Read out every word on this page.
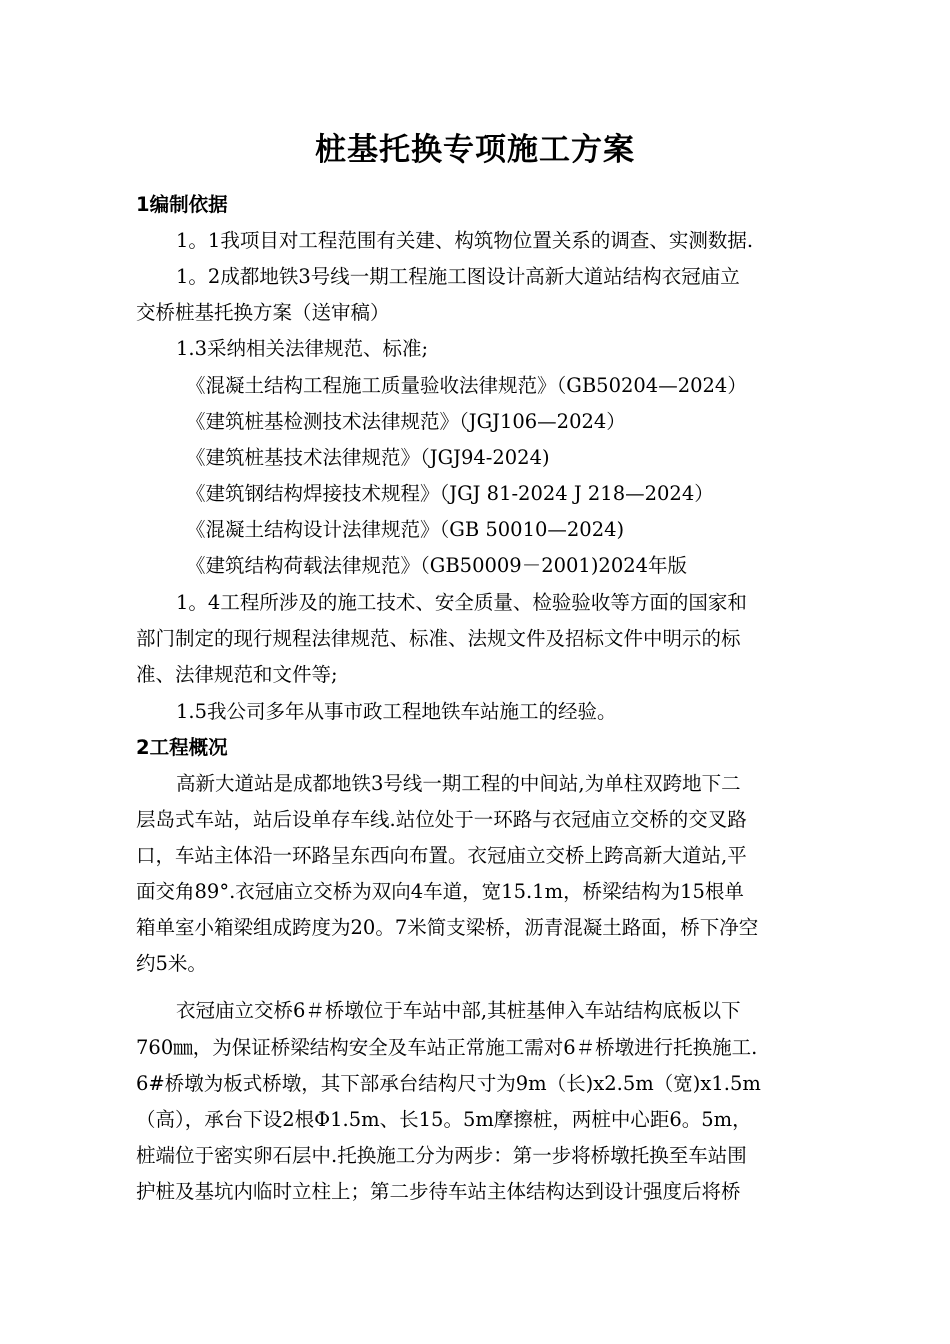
桩基托换专项施工方案
1编制依据
1。1我项目对工程范围有关建、构筑物位置关系的调查、实测数据.
1。2成都地铁3号线一期工程施工图设计高新大道站结构衣冠庙立
交桥桩基托换方案（送审稿）
1.3采纳相关法律规范、标准;
《混凝土结构工程施工质量验收法律规范》（GB50204—2024）
《建筑桩基检测技术法律规范》（JGJ106—2024）
《建筑桩基技术法律规范》（JGJ94-2024)
《建筑钢结构焊接技术规程》（JGJ 81-2024 J 218—2024）
《混凝土结构设计法律规范》（GB 50010—2024)
《建筑结构荷载法律规范》（GB50009－2001)2024年版
1。4工程所涉及的施工技术、安全质量、检验验收等方面的国家和
部门制定的现行规程法律规范、标准、法规文件及招标文件中明示的标
准、法律规范和文件等;
1.5我公司多年从事市政工程地铁车站施工的经验。
2工程概况
高新大道站是成都地铁3号线一期工程的中间站,为单柱双跨地下二
层岛式车站，站后设单存车线.站位处于一环路与衣冠庙立交桥的交叉路
口，车站主体沿一环路呈东西向布置。衣冠庙立交桥上跨高新大道站,平
面交角89°.衣冠庙立交桥为双向4车道，宽15.1m，桥梁结构为15根单
箱单室小箱梁组成跨度为20。7米简支梁桥，沥青混凝土路面，桥下净空
约5米。
衣冠庙立交桥6＃桥墩位于车站中部,其桩基伸入车站结构底板以下
760㎜，为保证桥梁结构安全及车站正常施工需对6＃桥墩进行托换施工.
6#桥墩为板式桥墩，其下部承台结构尺寸为9m（长)x2.5m（宽)x1.5m
（高），承台下设2根Φ1.5m、长15。5m摩擦桩，两桩中心距6。5m，
桩端位于密实卵石层中.托换施工分为两步：第一步将桥墩托换至车站围
护桩及基坑内临时立柱上；第二步待车站主体结构达到设计强度后将桥
